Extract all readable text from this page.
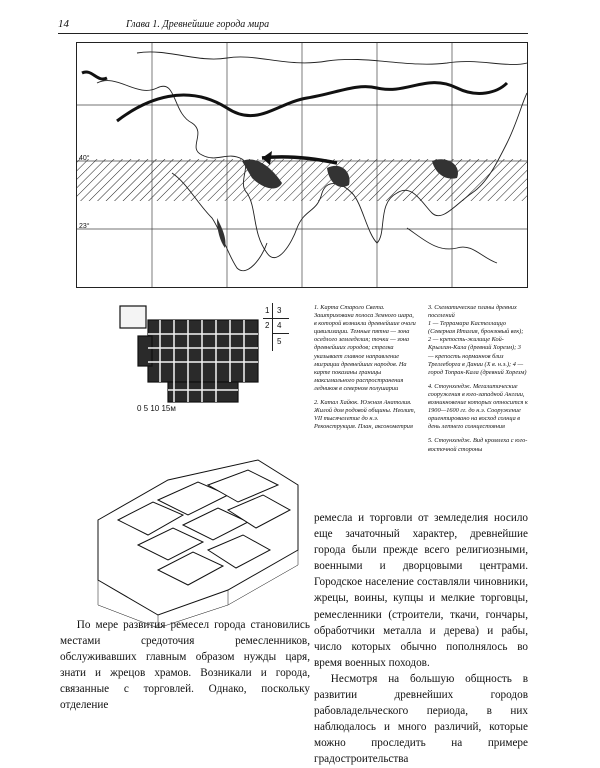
14	Глава 1. Древнейшие города мира
40°
23°
0 5 10 15м
1 3
2 4
5

1. Карта Старого Света. Заштрихована полоса Земного шара, в которой возникли древнейшие очаги цивилизации. Темные пятна — зона оседлого земледелия; точки — зона древнейших городов; стрелка указывает главное направление миграции древнейших народов. На карте показаны границы максимального распространения ледников в северном полушарии

2. Катал Хайюк. Южная Анатолия. Жилой дом родовой общины. Неолит, VII тысячелетие до н.э. Реконструкция. План, аксонометрия

3. Схематические планы древних поселений
1 — Террамара Кастеллаццо (Северная Италия, бронзовый век); 2 — крепость-жилище Кой-Крылган-Кала (древний Хорезм); 3 — крепость норманнов близ Треллеборга в Дании (X в. н.э.); 4 — город Топрак-Кала (древний Хорезм)

4. Стоунхендж. Мегалитические сооружения в юго-западной Англии, возникновение которых относится к 1900—1600 гг. до н.э. Сооружение ориентировано на восход солнца в день летнего солнцестояния

5. Стоунхендж. Вид кромлеха с юго-восточной стороны

По мере развития ремесел города становились местами средоточия ремесленников, обслуживавших главным образом нужды царя, знати и жрецов храмов. Возникали и города, связанные с торговлей. Однако, поскольку отделение

ремесла и торговли от земледелия носило еще зачаточный характер, древнейшие города были прежде всего религиозными, военными и дворцовыми центрами. Городское население составляли чиновники, жрецы, воины, купцы и мелкие торговцы, ремесленники (строители, ткачи, гончары, обработчики металла и дерева) и рабы, число которых обычно пополнялось во время военных походов.

Несмотря на большую общность в развитии древнейших городов рабовладельческого периода, в них наблюдалось и много различий, которые можно проследить на примере градостроительства
